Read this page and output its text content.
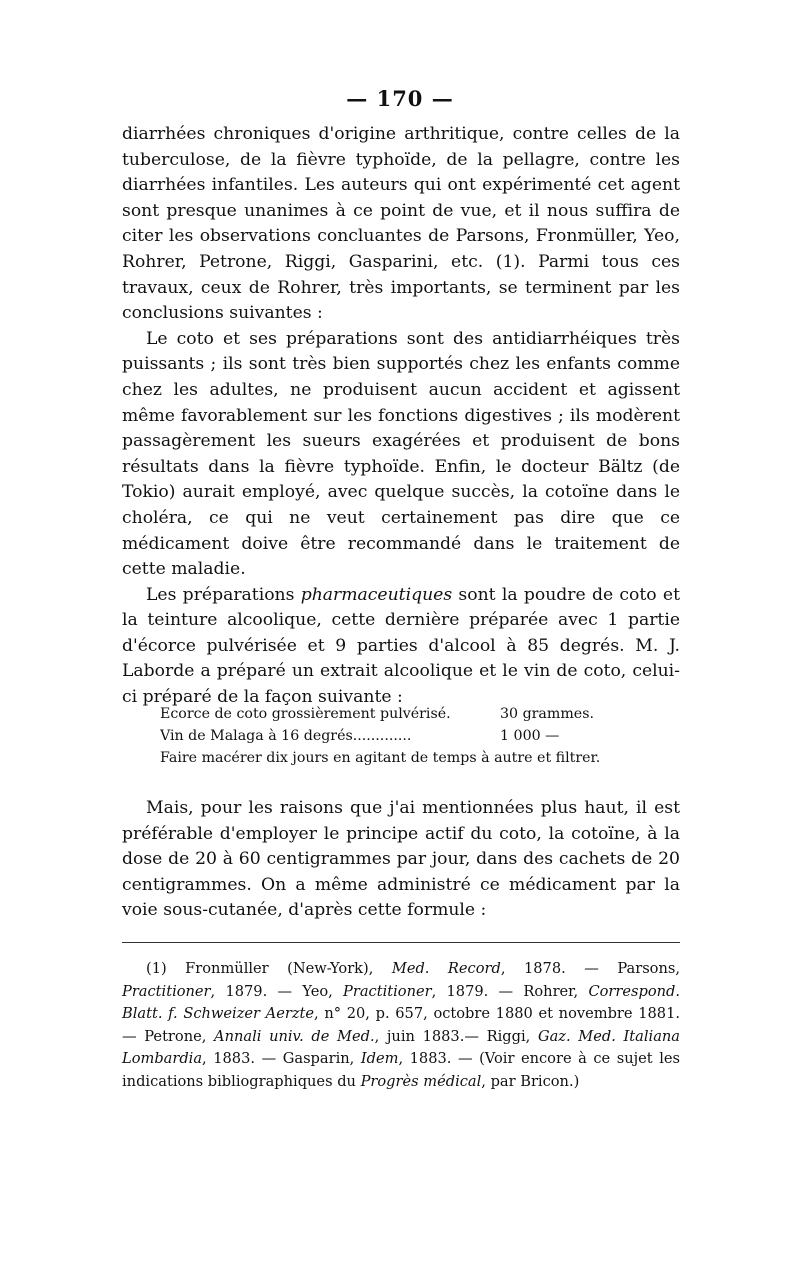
— 170 —

diarrhées chroniques d'origine arthritique, contre celles de la tuberculose, de la fièvre typhoïde, de la pellagre, contre les diarrhées infantiles. Les auteurs qui ont expérimenté cet agent sont presque unanimes à ce point de vue, et il nous suffira de citer les observations concluantes de Parsons, Fronmüller, Yeo, Rohrer, Petrone, Riggi, Gasparini, etc. (1). Parmi tous ces travaux, ceux de Rohrer, très importants, se terminent par les conclusions suivantes :

Le coto et ses préparations sont des antidiarrhéiques très puissants ; ils sont très bien supportés chez les enfants comme chez les adultes, ne produisent aucun accident et agissent même favorablement sur les fonctions digestives ; ils modèrent passagèrement les sueurs exagérées et produisent de bons résultats dans la fièvre typhoïde. Enfin, le docteur Bältz (de Tokio) aurait employé, avec quelque succès, la cotoïne dans le choléra, ce qui ne veut certainement pas dire que ce médicament doive être recommandé dans le traitement de cette maladie.

Les préparations pharmaceutiques sont la poudre de coto et la teinture alcoolique, cette dernière préparée avec 1 partie d'écorce pulvérisée et 9 parties d'alcool à 85 degrés. M. J. Laborde a préparé un extrait alcoolique et le vin de coto, celui-ci préparé de la façon suivante :

Ecorce de coto grossièrement pulvérisé.	30 grammes.
Vin de Malaga à 16 degrés.............	1 000 —
Faire macérer dix jours en agitant de temps à autre et filtrer.

Mais, pour les raisons que j'ai mentionnées plus haut, il est préférable d'employer le principe actif du coto, la cotoïne, à la dose de 20 à 60 centigrammes par jour, dans des cachets de 20 centigrammes. On a même administré ce médicament par la voie sous-cutanée, d'après cette formule :

(1) Fronmüller (New-York), Med. Record, 1878. — Parsons, Practitioner, 1879. — Yeo, Practitioner, 1879. — Rohrer, Correspond. Blatt. f. Schweizer Aerzte, n° 20, p. 657, octobre 1880 et novembre 1881. — Petrone, Annali univ. de Med., juin 1883.— Riggi, Gaz. Med. Italiana Lombardia, 1883. — Gasparin, Idem, 1883. — (Voir encore à ce sujet les indications bibliographiques du Progrès médical, par Bricon.)
